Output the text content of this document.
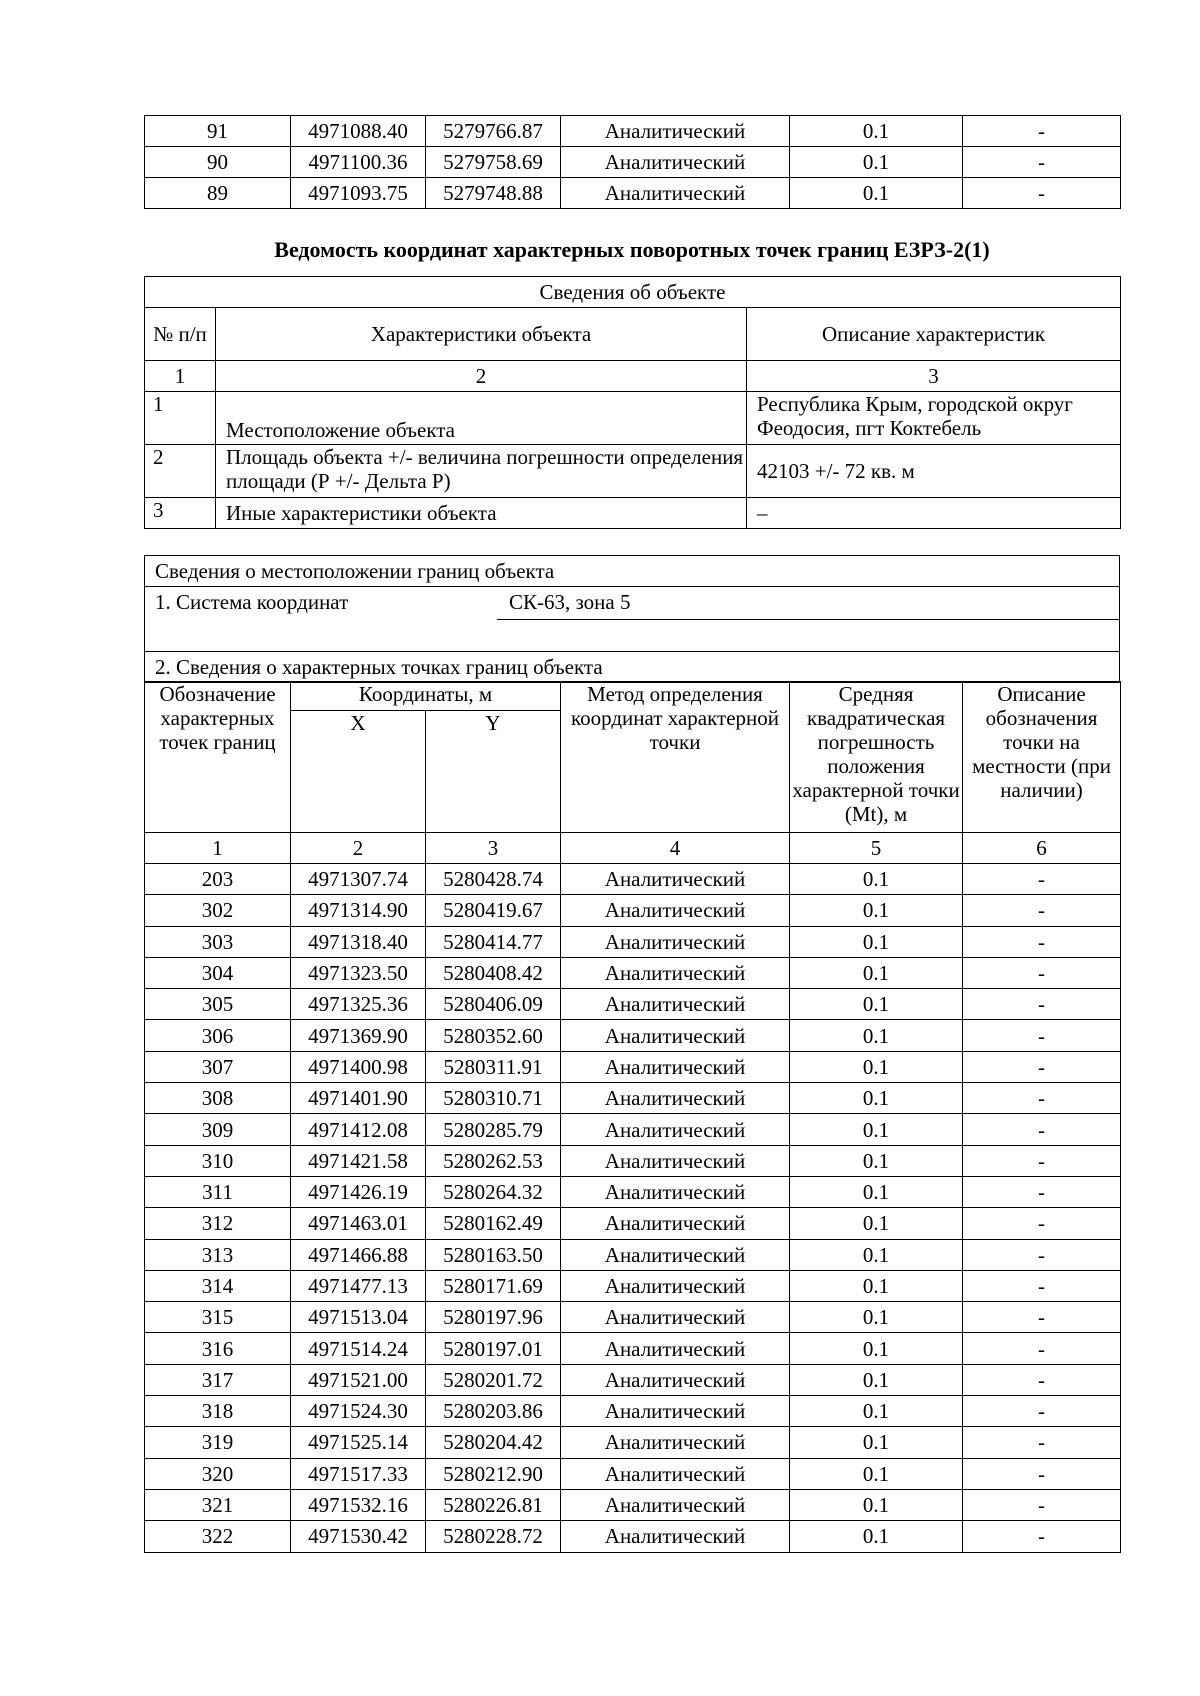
91	4971088.40	5279766.87	Аналитический	0.1	-
90	4971100.36	5279758.69	Аналитический	0.1	-
89	4971093.75	5279748.88	Аналитический	0.1	-
Ведомость координат характерных поворотных точек границ ЕЗРЗ-2(1)
Сведения об объекте		
№ п/п	Характеристики объекта	Описание характеристик
1	2	3
1	Местоположение объекта	Республика Крым, городской округ Феодосия, пгт Коктебель
2	Площадь объекта +/- величина погрешности определения площади (Р +/- Дельта Р)	42103 +/- 72 кв. м
3	Иные характеристики объекта	–
Сведения о местоположении границ объекта

1. Система координат	СК-63, зона 5

2. Сведения о характерных точках границ объекта
Обозначение характерных точек границ	Координаты, м		Метод определения координат характерной точки	Средняя квадратическая погрешность положения характерной точки (Мt), м	Описание обозначения точки на местности (при наличии)
	X	Y			
1	2	3	4	5	6
203	4971307.74	5280428.74	Аналитический	0.1	-
302	4971314.90	5280419.67	Аналитический	0.1	-
303	4971318.40	5280414.77	Аналитический	0.1	-
304	4971323.50	5280408.42	Аналитический	0.1	-
305	4971325.36	5280406.09	Аналитический	0.1	-
306	4971369.90	5280352.60	Аналитический	0.1	-
307	4971400.98	5280311.91	Аналитический	0.1	-
308	4971401.90	5280310.71	Аналитический	0.1	-
309	4971412.08	5280285.79	Аналитический	0.1	-
310	4971421.58	5280262.53	Аналитический	0.1	-
311	4971426.19	5280264.32	Аналитический	0.1	-
312	4971463.01	5280162.49	Аналитический	0.1	-
313	4971466.88	5280163.50	Аналитический	0.1	-
314	4971477.13	5280171.69	Аналитический	0.1	-
315	4971513.04	5280197.96	Аналитический	0.1	-
316	4971514.24	5280197.01	Аналитический	0.1	-
317	4971521.00	5280201.72	Аналитический	0.1	-
318	4971524.30	5280203.86	Аналитический	0.1	-
319	4971525.14	5280204.42	Аналитический	0.1	-
320	4971517.33	5280212.90	Аналитический	0.1	-
321	4971532.16	5280226.81	Аналитический	0.1	-
322	4971530.42	5280228.72	Аналитический	0.1	-
